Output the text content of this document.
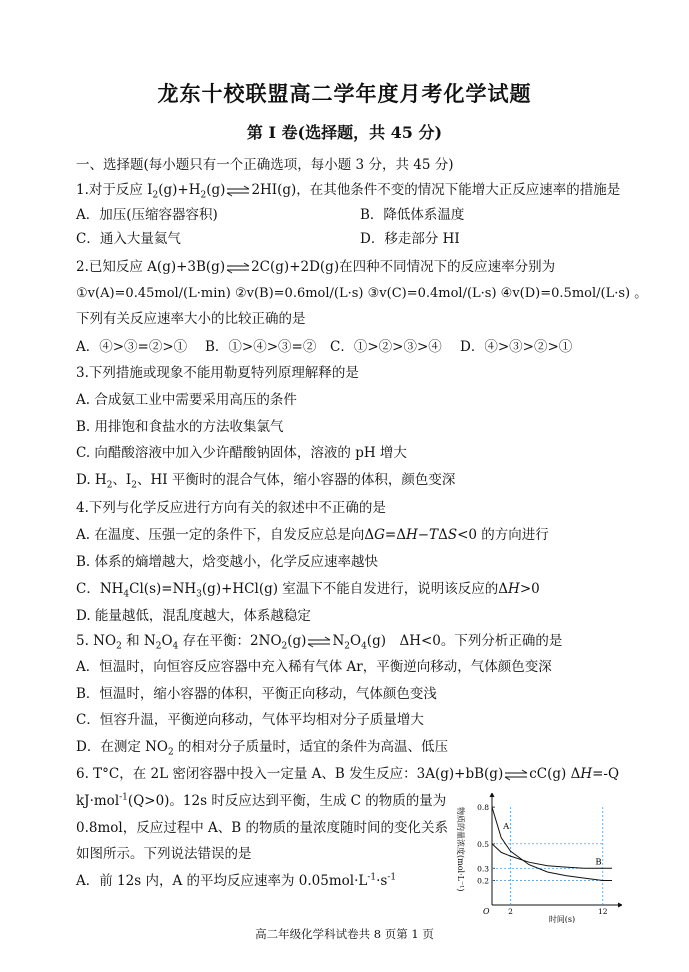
龙东十校联盟高二学年度月考化学试题
第 Ⅰ 卷(选择题，共 45 分)
一、选择题(每小题只有一个正确选项，每小题 3 分，共 45 分)
1.对于反应 $I_2(g)+H_2(g)\rightleftharpoons 2HI(g)$，在其他条件不变的情况下能增大正反应速率的措施是
A．加压(压缩容器容积)	B．降低体系温度
C．通入大量氦气	D．移走部分 HI
2.已知反应 A(g)+3B(g)⇌2C(g)+2D(g)在四种不同情况下的反应速率分别为
①v(A)=0.45mol/(L·min) ②v(B)=0.6mol/(L·s) ③v(C)=0.4mol/(L·s) ④v(D)=0.5mol/(L·s) 。
下列有关反应速率大小的比较正确的是
A．④>③=②>① B．①>④>③=② C．①>②>③>④ D．④>③>②>①
3.下列措施或现象不能用勒夏特列原理解释的是
A. 合成氨工业中需要采用高压的条件
B. 用排饱和食盐水的方法收集氯气
C. 向醋酸溶液中加入少许醋酸钠固体，溶液的 pH 增大
D. $H_2$、$I_2$、HI 平衡时的混合气体，缩小容器的体积，颜色变深
4.下列与化学反应进行方向有关的叙述中不正确的是
A. 在温度、压强一定的条件下，自发反应总是向ΔG=ΔH−TΔS<0 的方向进行
B. 体系的熵增越大，焓变越小，化学反应速率越快
C．$NH_4Cl(s)=NH_3(g)+HCl(g)$ 室温下不能自发进行，说明该反应的ΔH>0
D. 能量越低，混乱度越大，体系越稳定
5. $NO_2$ 和 $N_2O_4$ 存在平衡：$2NO_2(g)\rightleftharpoons N_2O_4(g)$　ΔH<0。下列分析正确的是
A．恒温时，向恒容反应容器中充入稀有气体 Ar，平衡逆向移动，气体颜色变深
B．恒温时，缩小容器的体积，平衡正向移动，气体颜色变浅
C．恒容升温，平衡逆向移动，气体平均相对分子质量增大
D．在测定 $NO_2$ 的相对分子质量时，适宜的条件为高温、低压
6. T°C，在 2L 密闭容器中投入一定量 A、B 发生反应：3A(g)+bB(g)⇌cC(g) ΔH=-Q
kJ·mol$^{-1}$(Q>0)。12s 时反应达到平衡，生成 C 的物质的量为
0.8mol，反应过程中 A、B 的物质的量浓度随时间的变化关系
如图所示。下列说法错误的是
A．前 12s 内，A 的平均反应速率为 $0.05mol\cdot L^{-1}\cdot s^{-1}$	物质的量浓度(mol·L⁻¹)
O
0.8
0.5
0.3
0.2
2	12
时间(s)
A
B
高二年级化学科试卷共 8 页第 1 页
